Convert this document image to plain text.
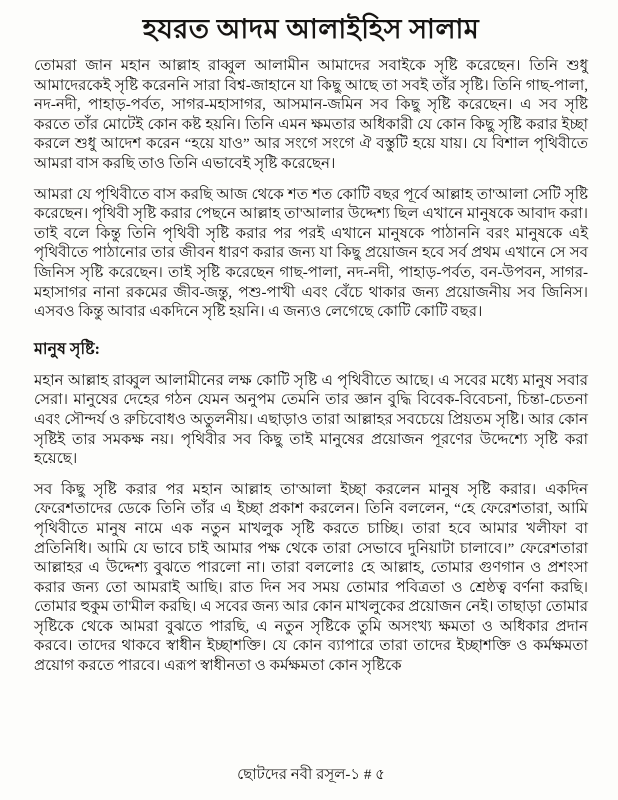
হযরত আদম আলাইহিস সালাম

তোমরা জান মহান আল্লাহ রাব্বুল আলামীন আমাদের সবাইকে সৃষ্টি করেছেন। তিনি শুধু আমাদেরকেই সৃষ্টি করেননি সারা বিশ্ব-জাহানে যা কিছু আছে তা সবই তাঁর সৃষ্টি। তিনি গাছ-পালা, নদ-নদী, পাহাড়-পর্বত, সাগর-মহাসাগর, আসমান-জমিন সব কিছু সৃষ্টি করেছেন। এ সব সৃষ্টি করতে তাঁর মোটেই কোন কষ্ট হয়নি। তিনি এমন ক্ষমতার অধিকারী যে কোন কিছু সৃষ্টি করার ইচ্ছা করলে শুধু আদেশ করেন “হয়ে যাও” আর সংগে সংগে ঐ বস্তুটি হয়ে যায়। যে বিশাল পৃথিবীতে আমরা বাস করছি তাও তিনি এভাবেই সৃষ্টি করেছেন।

আমরা যে পৃথিবীতে বাস করছি আজ থেকে শত শত কোটি বছর পূর্বে আল্লাহ তা'আলা সেটি সৃষ্টি করেছেন। পৃথিবী সৃষ্টি করার পেছনে আল্লাহ তা'আলার উদ্দেশ্য ছিল এখানে মানুষকে আবাদ করা। তাই বলে কিন্তু তিনি পৃথিবী সৃষ্টি করার পর পরই এখানে মানুষকে পাঠাননি বরং মানুষকে এই পৃথিবীতে পাঠানোর তার জীবন ধারণ করার জন্য যা কিছু প্রয়োজন হবে সর্ব প্রথম এখানে সে সব জিনিস সৃষ্টি করেছেন। তাই সৃষ্টি করেছেন গাছ-পালা, নদ-নদী, পাহাড়-পর্বত, বন-উপবন, সাগর-মহাসাগর নানা রকমের জীব-জন্তু, পশু-পাখী এবং বেঁচে থাকার জন্য প্রয়োজনীয় সব জিনিস। এসবও কিন্তু আবার একদিনে সৃষ্টি হয়নি। এ জন্যও লেগেছে কোটি কোটি বছর।

মানুষ সৃষ্টি:

মহান আল্লাহ রাব্বুল আলামীনের লক্ষ কোটি সৃষ্টি এ পৃথিবীতে আছে। এ সবের মধ্যে মানুষ সবার সেরা। মানুষের দেহের গঠন যেমন অনুপম তেমনি তার জ্ঞান বুদ্ধি বিবেক-বিবেচনা, চিন্তা-চেতনা এবং সৌন্দর্য ও রুচিবোধও অতুলনীয়। এছাড়াও তারা আল্লাহর সবচেয়ে প্রিয়তম সৃষ্টি। আর কোন সৃষ্টিই তার সমকক্ষ নয়। পৃথিবীর সব কিছু তাই মানুষের প্রয়োজন পূরণের উদ্দেশ্যে সৃষ্টি করা হয়েছে।

সব কিছু সৃষ্টি করার পর মহান আল্লাহ তা'আলা ইচ্ছা করলেন মানুষ সৃষ্টি করার। একদিন ফেরেশতাদের ডেকে তিনি তাঁর এ ইচ্ছা প্রকাশ করলেন। তিনি বললেন, “হে ফেরেশতারা, আমি পৃথিবীতে মানুষ নামে এক নতুন মাখলুক সৃষ্টি করতে চাচ্ছি। তারা হবে আমার খলীফা বা প্রতিনিধি। আমি যে ভাবে চাই আমার পক্ষ থেকে তারা সেভাবে দুনিয়াটা চালাবে।” ফেরেশতারা আল্লাহর এ উদ্দেশ্য বুঝতে পারলো না। তারা বললোঃ হে আল্লাহ, তোমার গুণগান ও প্রশংসা করার জন্য তো আমরাই আছি। রাত দিন সব সময় তোমার পবিত্রতা ও শ্রেষ্ঠত্ব বর্ণনা করছি। তোমার হুকুম তা'মীল করছি। এ সবের জন্য আর কোন মাখলুকের প্রয়োজন নেই। তাছাড়া তোমার সৃষ্টিকে থেকে আমরা বুঝতে পারছি, এ নতুন সৃষ্টিকে তুমি অসংখ্য ক্ষমতা ও অধিকার প্রদান করবে। তাদের থাকবে স্বাধীন ইচ্ছাশক্তি। যে কোন ব্যাপারে তারা তাদের ইচ্ছাশক্তি ও কর্মক্ষমতা প্রয়োগ করতে পারবে। এরূপ স্বাধীনতা ও কর্মক্ষমতা কোন সৃষ্টিকে

ছোটদের নবী রসূল-১ # ৫
